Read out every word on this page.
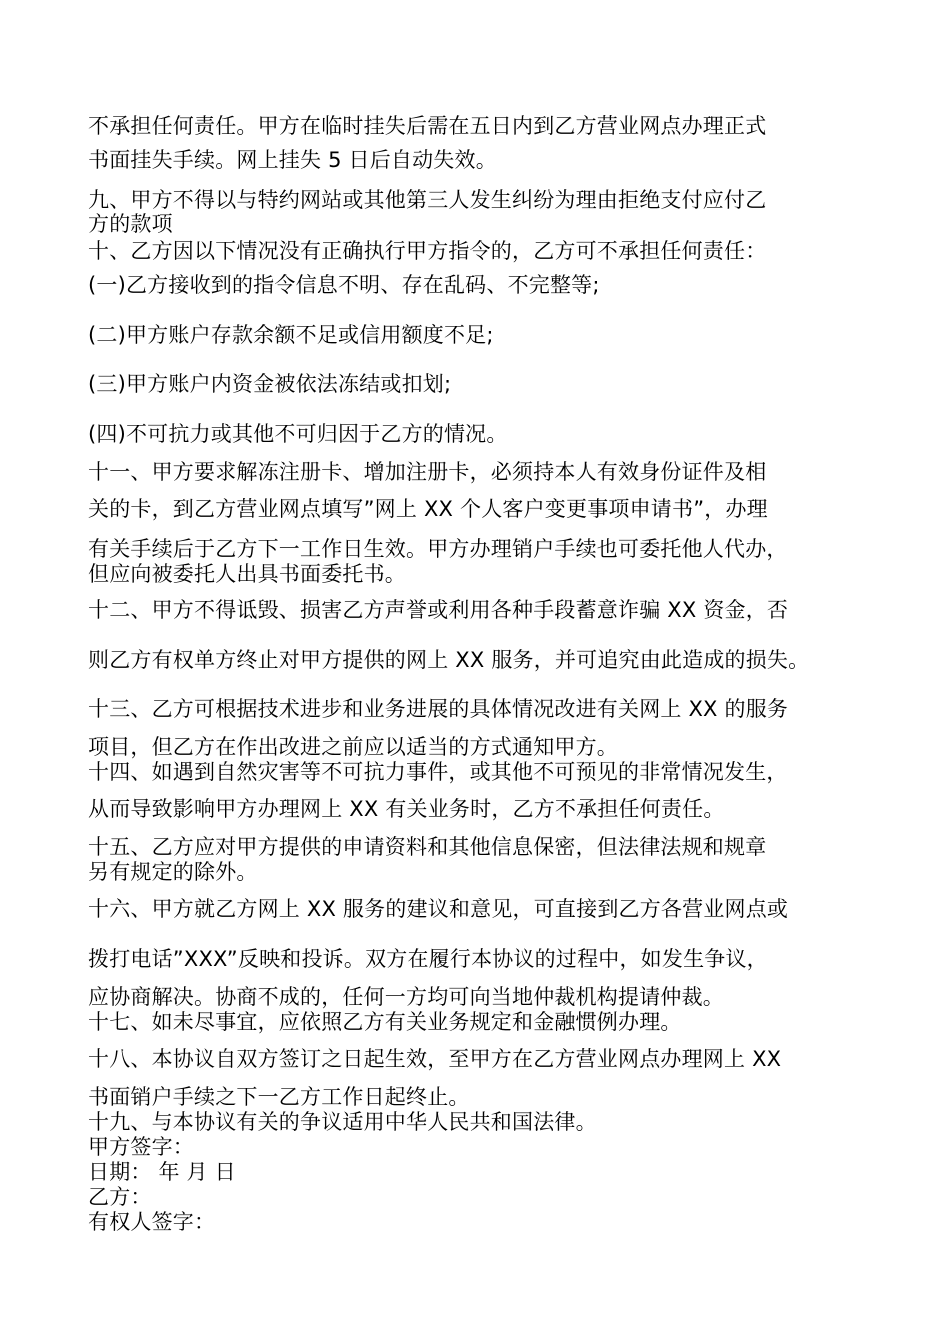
不承担任何责任。甲方在临时挂失后需在五日内到乙方营业网点办理正式
书面挂失手续。网上挂失 5 日后自动失效。
九、甲方不得以与特约网站或其他第三人发生纠纷为理由拒绝支付应付乙
方的款项
十、乙方因以下情况没有正确执行甲方指令的，乙方可不承担任何责任：
(一)乙方接收到的指令信息不明、存在乱码、不完整等;
(二)甲方账户存款余额不足或信用额度不足;
(三)甲方账户内资金被依法冻结或扣划;
(四)不可抗力或其他不可归因于乙方的情况。
十一、甲方要求解冻注册卡、增加注册卡，必须持本人有效身份证件及相
关的卡，到乙方营业网点填写”网上 XX 个人客户变更事项申请书”，办理
有关手续后于乙方下一工作日生效。甲方办理销户手续也可委托他人代办，
但应向被委托人出具书面委托书。
十二、甲方不得诋毁、损害乙方声誉或利用各种手段蓄意诈骗 XX 资金，否
则乙方有权单方终止对甲方提供的网上 XX 服务，并可追究由此造成的损失。
十三、乙方可根据技术进步和业务进展的具体情况改进有关网上 XX 的服务
项目，但乙方在作出改进之前应以适当的方式通知甲方。
十四、如遇到自然灾害等不可抗力事件，或其他不可预见的非常情况发生，
从而导致影响甲方办理网上 XX 有关业务时，乙方不承担任何责任。
十五、乙方应对甲方提供的申请资料和其他信息保密，但法律法规和规章
另有规定的除外。
十六、甲方就乙方网上 XX 服务的建议和意见，可直接到乙方各营业网点或
拨打电话”XXX”反映和投诉。双方在履行本协议的过程中，如发生争议，
应协商解决。协商不成的，任何一方均可向当地仲裁机构提请仲裁。
十七、如未尽事宜，应依照乙方有关业务规定和金融惯例办理。
十八、本协议自双方签订之日起生效，至甲方在乙方营业网点办理网上 XX
书面销户手续之下一乙方工作日起终止。
十九、与本协议有关的争议适用中华人民共和国法律。
甲方签字：
日期： 年 月 日
乙方：
有权人签字：
